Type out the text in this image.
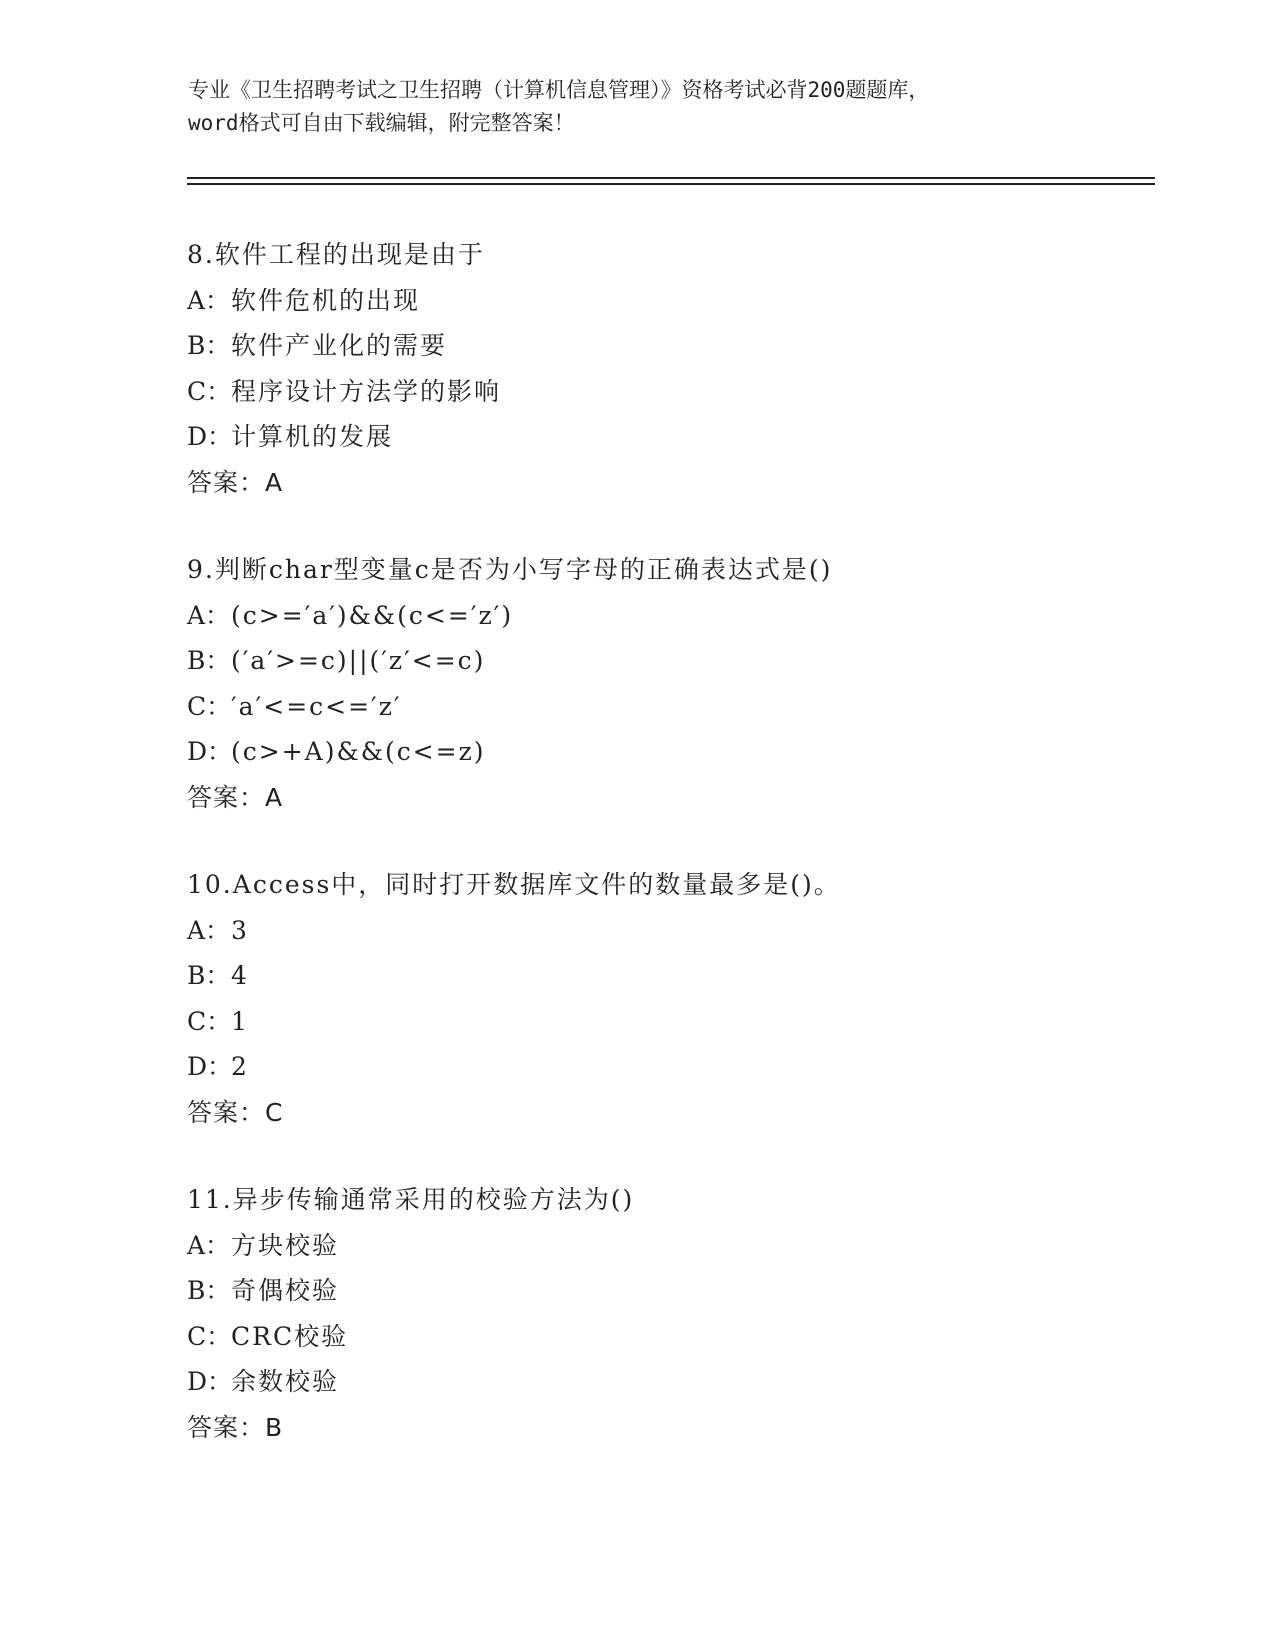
专业《卫生招聘考试之卫生招聘（计算机信息管理）》资格考试必背200题题库，
word格式可自由下载编辑，附完整答案！
8.软件工程的出现是由于
A：软件危机的出现
B：软件产业化的需要
C：程序设计方法学的影响
D：计算机的发展
答案：A
9.判断char型变量c是否为小写字母的正确表达式是()
A：(c>=′a′)&&(c<=′z′)
B：(′a′>=c)||(′z′<=c)
C：′a′<=c<=′z′
D：(c>+A)&&(c<=z)
答案：A
10.Access中，同时打开数据库文件的数量最多是()。
A：3
B：4
C：1
D：2
答案：C
11.异步传输通常采用的校验方法为()
A：方块校验
B：奇偶校验
C：CRC校验
D：余数校验
答案：B
